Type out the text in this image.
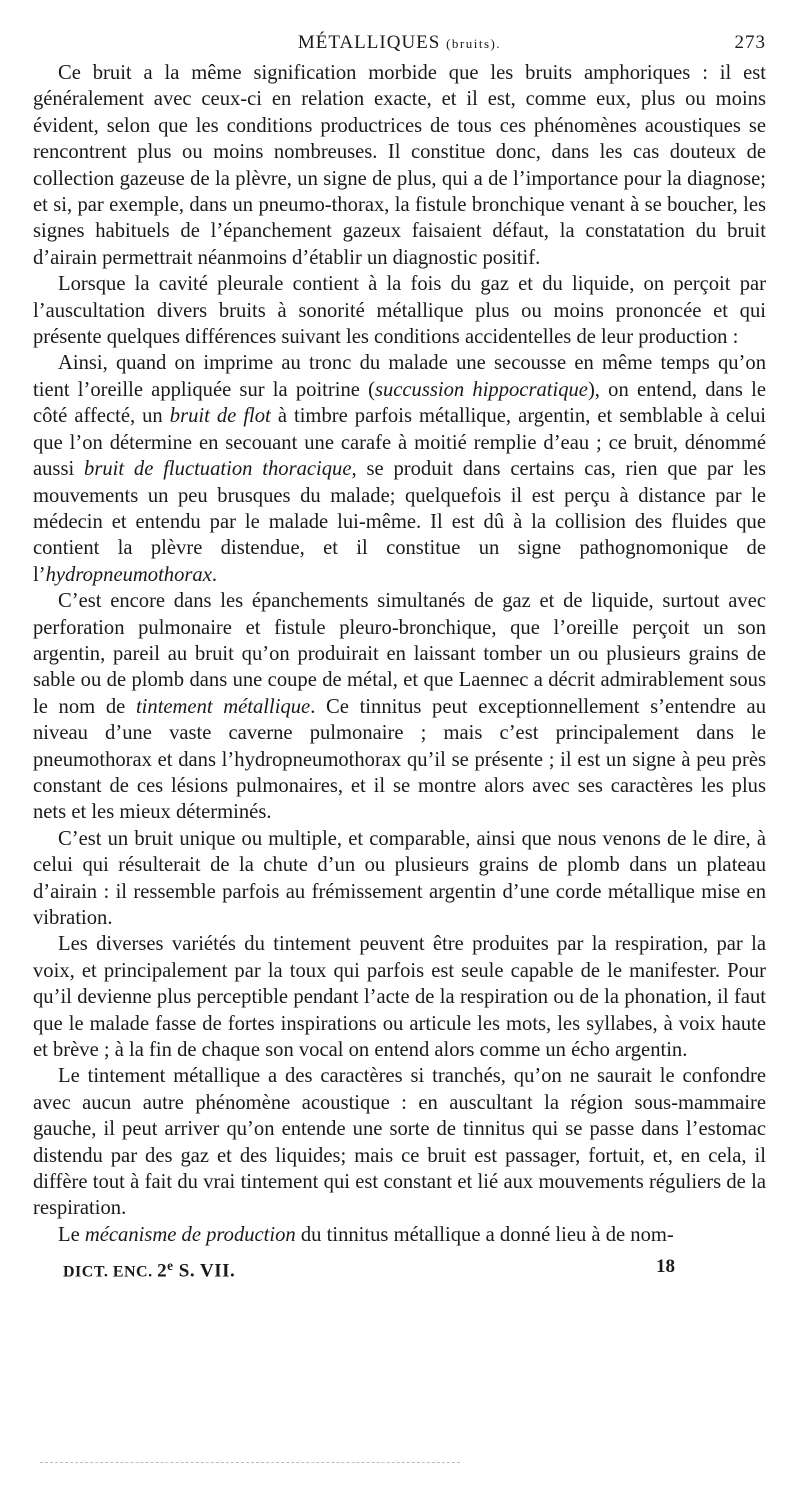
MÉTALLIQUES (bruits).	273

Ce bruit a la même signification morbide que les bruits amphoriques : il est généralement avec ceux-ci en relation exacte, et il est, comme eux, plus ou moins évident, selon que les conditions productrices de tous ces phénomènes acoustiques se rencontrent plus ou moins nombreuses. Il constitue donc, dans les cas douteux de collection gazeuse de la plèvre, un signe de plus, qui a de l’importance pour la diagnose; et si, par exemple, dans un pneumo-thorax, la fistule bronchique venant à se boucher, les signes habituels de l’épanchement gazeux faisaient défaut, la constatation du bruit d’airain permettrait néanmoins d’établir un diagnostic positif.

Lorsque la cavité pleurale contient à la fois du gaz et du liquide, on perçoit par l’auscultation divers bruits à sonorité métallique plus ou moins prononcée et qui présente quelques différences suivant les conditions accidentelles de leur production :

Ainsi, quand on imprime au tronc du malade une secousse en même temps qu’on tient l’oreille appliquée sur la poitrine (succussion hippocratique), on entend, dans le côté affecté, un bruit de flot à timbre parfois métallique, argentin, et semblable à celui que l’on détermine en secouant une carafe à moitié remplie d’eau ; ce bruit, dénommé aussi bruit de fluctuation thoracique, se produit dans certains cas, rien que par les mouvements un peu brusques du malade; quelquefois il est perçu à distance par le médecin et entendu par le malade lui-même. Il est dû à la collision des fluides que contient la plèvre distendue, et il constitue un signe pathognomonique de l’hydropneumothorax.

C’est encore dans les épanchements simultanés de gaz et de liquide, surtout avec perforation pulmonaire et fistule pleuro-bronchique, que l’oreille perçoit un son argentin, pareil au bruit qu’on produirait en laissant tomber un ou plusieurs grains de sable ou de plomb dans une coupe de métal, et que Laennec a décrit admirablement sous le nom de tintement métallique. Ce tinnitus peut exceptionnellement s’entendre au niveau d’une vaste caverne pulmonaire ; mais c’est principalement dans le pneumothorax et dans l’hydropneumothorax qu’il se présente ; il est un signe à peu près constant de ces lésions pulmonaires, et il se montre alors avec ses caractères les plus nets et les mieux déterminés.

C’est un bruit unique ou multiple, et comparable, ainsi que nous venons de le dire, à celui qui résulterait de la chute d’un ou plusieurs grains de plomb dans un plateau d’airain : il ressemble parfois au frémissement argentin d’une corde métallique mise en vibration.

Les diverses variétés du tintement peuvent être produites par la respiration, par la voix, et principalement par la toux qui parfois est seule capable de le manifester. Pour qu’il devienne plus perceptible pendant l’acte de la respiration ou de la phonation, il faut que le malade fasse de fortes inspirations ou articule les mots, les syllabes, à voix haute et brève ; à la fin de chaque son vocal on entend alors comme un écho argentin.

Le tintement métallique a des caractères si tranchés, qu’on ne saurait le confondre avec aucun autre phénomène acoustique : en auscultant la région sous-mammaire gauche, il peut arriver qu’on entende une sorte de tinnitus qui se passe dans l’estomac distendu par des gaz et des liquides; mais ce bruit est passager, fortuit, et, en cela, il diffère tout à fait du vrai tintement qui est constant et lié aux mouvements réguliers de la respiration.

Le mécanisme de production du tinnitus métallique a donné lieu à de nom-

DICT. ENC. 2e S. VII.	18
